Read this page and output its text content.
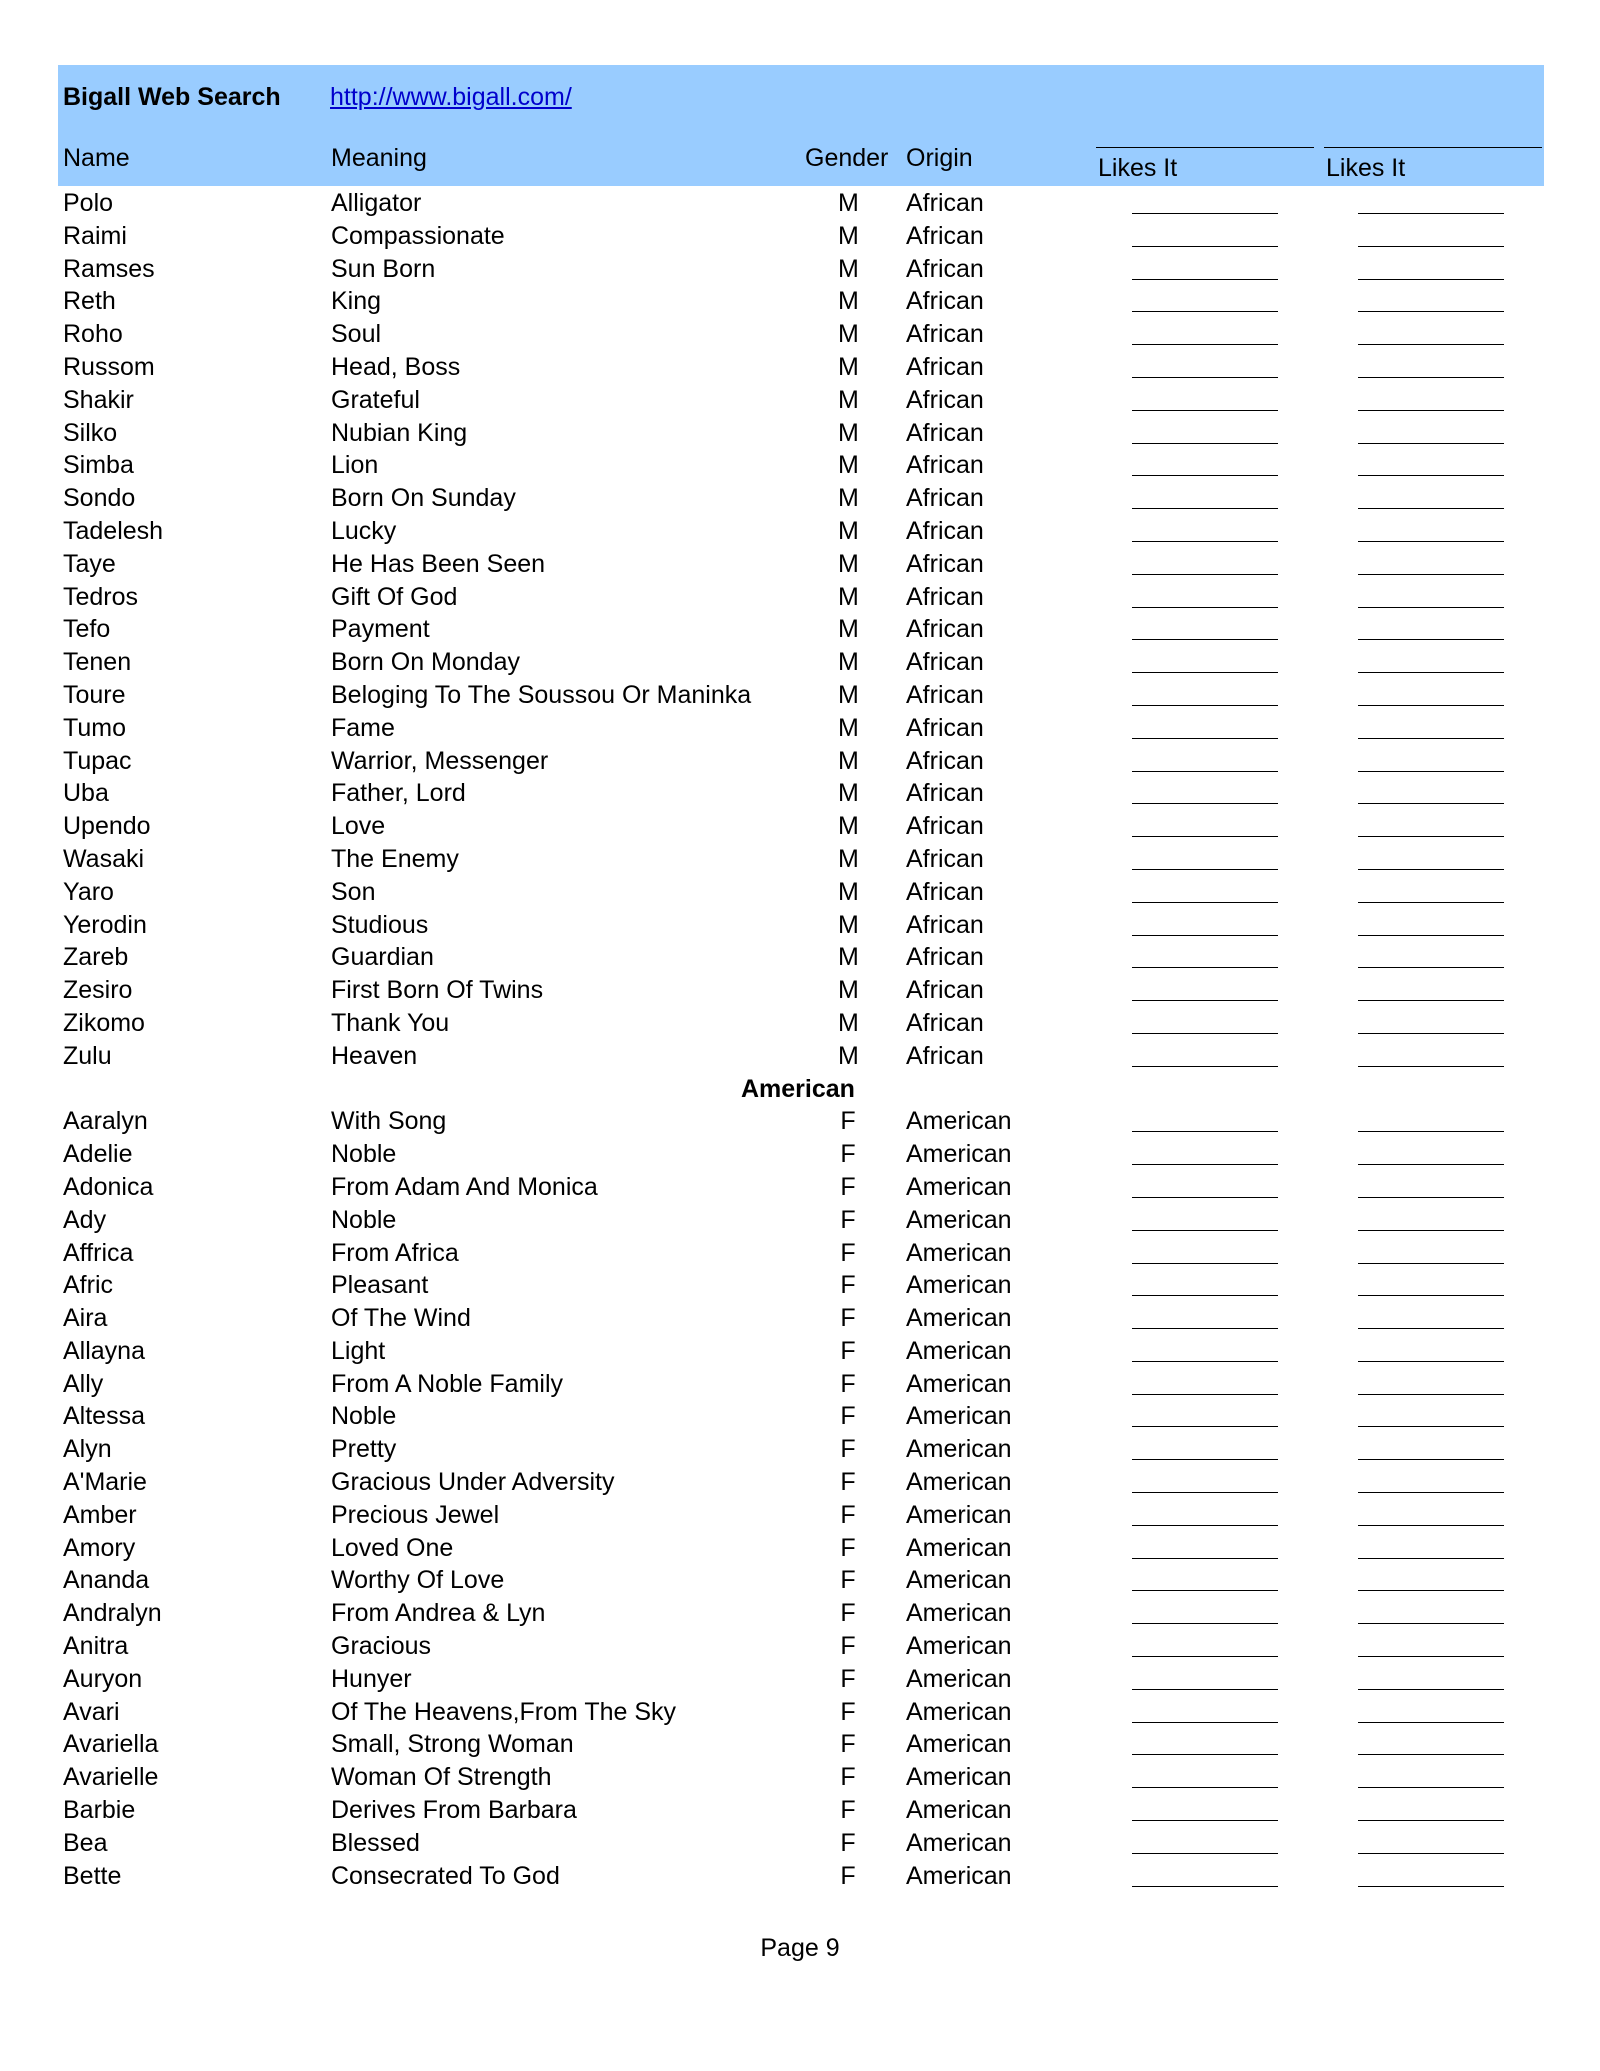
Bigall Web Search http://www.bigall.com/
Name	Meaning	Gender Origin	Likes It	Likes It
Polo	Alligator	M African
Raimi	Compassionate	M African
Ramses	Sun Born	M African
Reth	King	M African
Roho	Soul	M African
Russom	Head, Boss	M African
Shakir	Grateful	M African
Silko	Nubian King	M African
Simba	Lion	M African
Sondo	Born On Sunday	M African
Tadelesh	Lucky	M African
Taye	He Has Been Seen	M African
Tedros	Gift Of God	M African
Tefo	Payment	M African
Tenen	Born On Monday	M African
Toure	Beloging To The Soussou Or Maninka	M African
Tumo	Fame	M African
Tupac	Warrior, Messenger	M African
Uba	Father, Lord	M African
Upendo	Love	M African
Wasaki	The Enemy	M African
Yaro	Son	M African
Yerodin	Studious	M African
Zareb	Guardian	M African
Zesiro	First Born Of Twins	M African
Zikomo	Thank You	M African
Zulu	Heaven	M African
American
Aaralyn	With Song	F American
Adelie	Noble	F American
Adonica	From Adam And Monica	F American
Ady	Noble	F American
Affrica	From Africa	F American
Afric	Pleasant	F American
Aira	Of The Wind	F American
Allayna	Light	F American
Ally	From A Noble Family	F American
Altessa	Noble	F American
Alyn	Pretty	F American
A'Marie	Gracious Under Adversity	F American
Amber	Precious Jewel	F American
Amory	Loved One	F American
Ananda	Worthy Of Love	F American
Andralyn	From Andrea & Lyn	F American
Anitra	Gracious	F American
Auryon	Hunyer	F American
Avari	Of The Heavens,From The Sky	F American
Avariella	Small, Strong Woman	F American
Avarielle	Woman Of Strength	F American
Barbie	Derives From Barbara	F American
Bea	Blessed	F American
Bette	Consecrated To God	F American
Page 9
